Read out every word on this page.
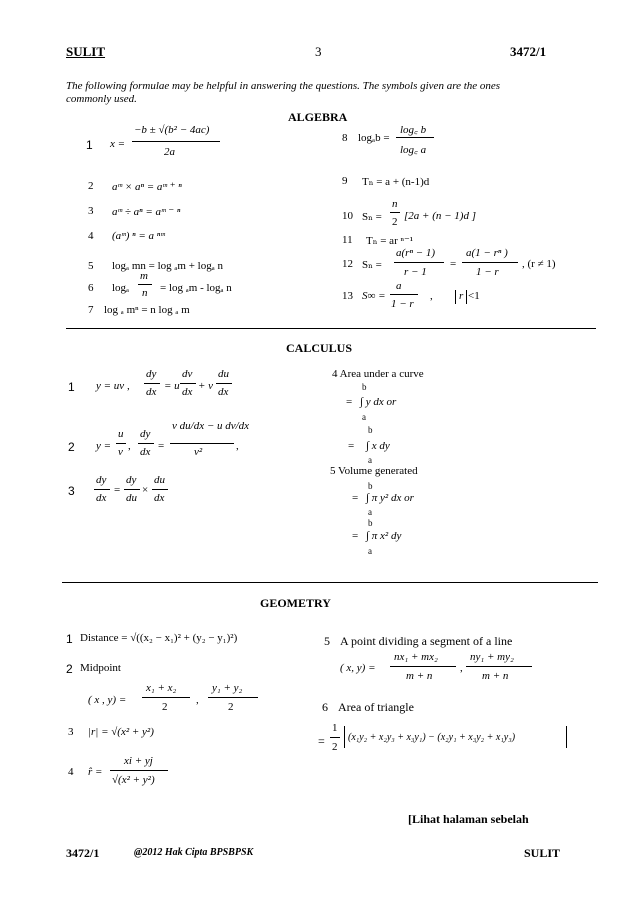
SULIT	3	3472/1
The following formulae may be helpful in answering the questions. The symbols given are the ones
commonly used.
ALGEBRA
1 x =
−b ± √(b² − 4ac)
2a
2 aᵐ × aⁿ = aᵐ ⁺ ⁿ
3 aᵐ ÷ aⁿ = aᵐ ⁻ ⁿ
4 (aᵐ) ⁿ = a ⁿᵐ
5 logₐ mn = log ₐm + logₐ n
6 logₐ
m
n = log ₐm - logₐ n
7 log ₐ mⁿ = n log ₐ m
8 logₐb =
log꜀ b
log꜀ a
9 Tₙ = a + (n-1)d
10 Sₙ =
n
2 [2a + (n − 1)d ]
11 Tₙ = ar ⁿ⁻¹
12 Sₙ =
a(rⁿ − 1)
r − 1
=
a(1 − rⁿ )
1 − r
, (r ≠ 1)
13 S∞ =
a
1 − r
, r <1
CALCULUS
1 y = uv ,
dy
dx = u
dv
dx + v
du
dx
2 y =
u
v ,
dy
dx =
v du/dx − u dv/dx
v²	,
3
dy
dx
=
dy
du
×
du
dx
4 Area under a curve
b
= ∫ y dx or
a
b
= ∫ x dy
a
5 Volume generated
b
= ∫ π y² dx or
a
b
= ∫ π x² dy
a
GEOMETRY
1 Distance = √((x₂ − x₁)² + (y₂ − y₁)²)
2 Midpoint
( x , y) =
x₁ + x₂
2
,
y₁ + y₂
2
3 |r| = √(x² + y²)
4 r̂ =
xi + yj
√(x² + y²)
5 A point dividing a segment of a line
( x, y) =
nx₁ + mx₂
m + n
,
ny₁ + my₂
m + n
6 Area of triangle
=
1
2
(x₁y₂ + x₂y₃ + x₃y₁) − (x₂y₁ + x₃y₂ + x₁y₃)
[Lihat halaman sebelah
3472/1	@2012 Hak Cipta BPSBPSK	SULIT
